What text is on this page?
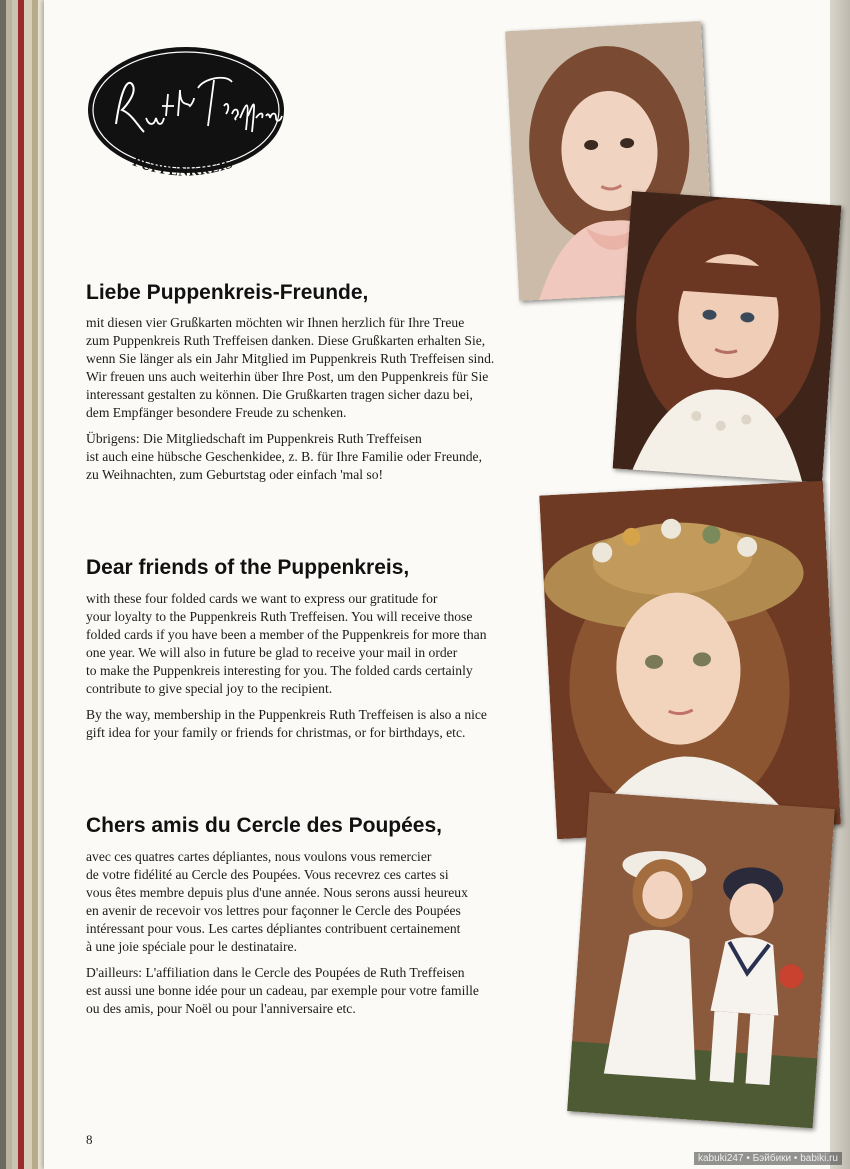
PUPPENKREIS
Liebe Puppenkreis-Freunde,
mit diesen vier Grußkarten möchten wir Ihnen herzlich für Ihre Treue
zum Puppenkreis Ruth Treffeisen danken. Diese Grußkarten erhalten Sie,
wenn Sie länger als ein Jahr Mitglied im Puppenkreis Ruth Treffeisen sind.
Wir freuen uns auch weiterhin über Ihre Post, um den Puppenkreis für Sie
interessant gestalten zu können. Die Grußkarten tragen sicher dazu bei,
dem Empfänger besondere Freude zu schenken.
Übrigens: Die Mitgliedschaft im Puppenkreis Ruth Treffeisen
ist auch eine hübsche Geschenkidee, z. B. für Ihre Familie oder Freunde,
zu Weihnachten, zum Geburtstag oder einfach 'mal so!
Dear friends of the Puppenkreis,
with these four folded cards we want to express our gratitude for
your loyalty to the Puppenkreis Ruth Treffeisen. You will receive those
folded cards if you have been a member of the Puppenkreis for more than
one year. We will also in future be glad to receive your mail in order
to make the Puppenkreis interesting for you. The folded cards certainly
contribute to give special joy to the recipient.
By the way, membership in the Puppenkreis Ruth Treffeisen is also a nice
gift idea for your family or friends for christmas, or for birthdays, etc.
Chers amis du Cercle des Poupées,
avec ces quatres cartes dépliantes, nous voulons vous remercier
de votre fidélité au Cercle des Poupées. Vous recevrez ces cartes si
vous êtes membre depuis plus d'une année. Nous serons aussi heureux
en avenir de recevoir vos lettres pour façonner le Cercle des Poupées
intéressant pour vous. Les cartes dépliantes contribuent certainement
à une joie spéciale pour le destinataire.
D'ailleurs: L'affiliation dans le Cercle des Poupées de Ruth Treffeisen
est aussi une bonne idée pour un cadeau, par exemple pour votre famille
ou des amis, pour Noël ou pour l'anniversaire etc.

8

kabuki247 • Бэйбики • babiki.ru
